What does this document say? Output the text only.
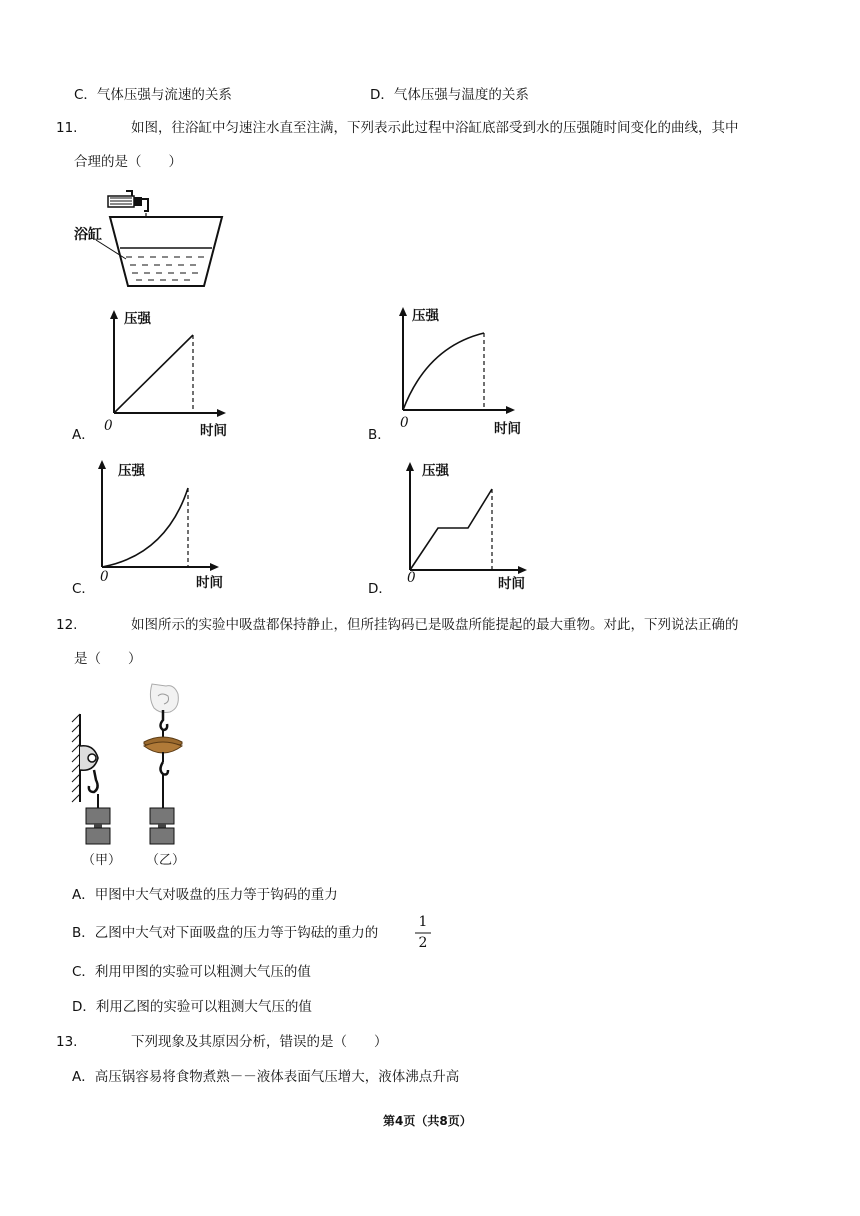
C．气体压强与流速的关系	D．气体压强与温度的关系
11.	如图，往浴缸中匀速注水直至注满，下列表示此过程中浴缸底部受到水的压强随时间变化的曲线，其中
合理的是（　　）
浴缸
压强
时间
0
A．
压强
时间
0
B．
压强
时间
0
C．
压强
时间
0
D．
12.	如图所示的实验中吸盘都保持静止，但所挂钩码已是吸盘所能提起的最大重物。对此，下列说法正确的
是（　　）
（甲） （乙）
A．甲图中大气对吸盘的压力等于钩码的重力
B．乙图中大气对下面吸盘的压力等于钩砝的重力的
1
2
C．利用甲图的实验可以粗测大气压的值
D．利用乙图的实验可以粗测大气压的值
13.	下列现象及其原因分析，错误的是（　　）
A．高压锅容易将食物煮熟－－液体表面气压增大，液体沸点升高
第4页（共8页）
